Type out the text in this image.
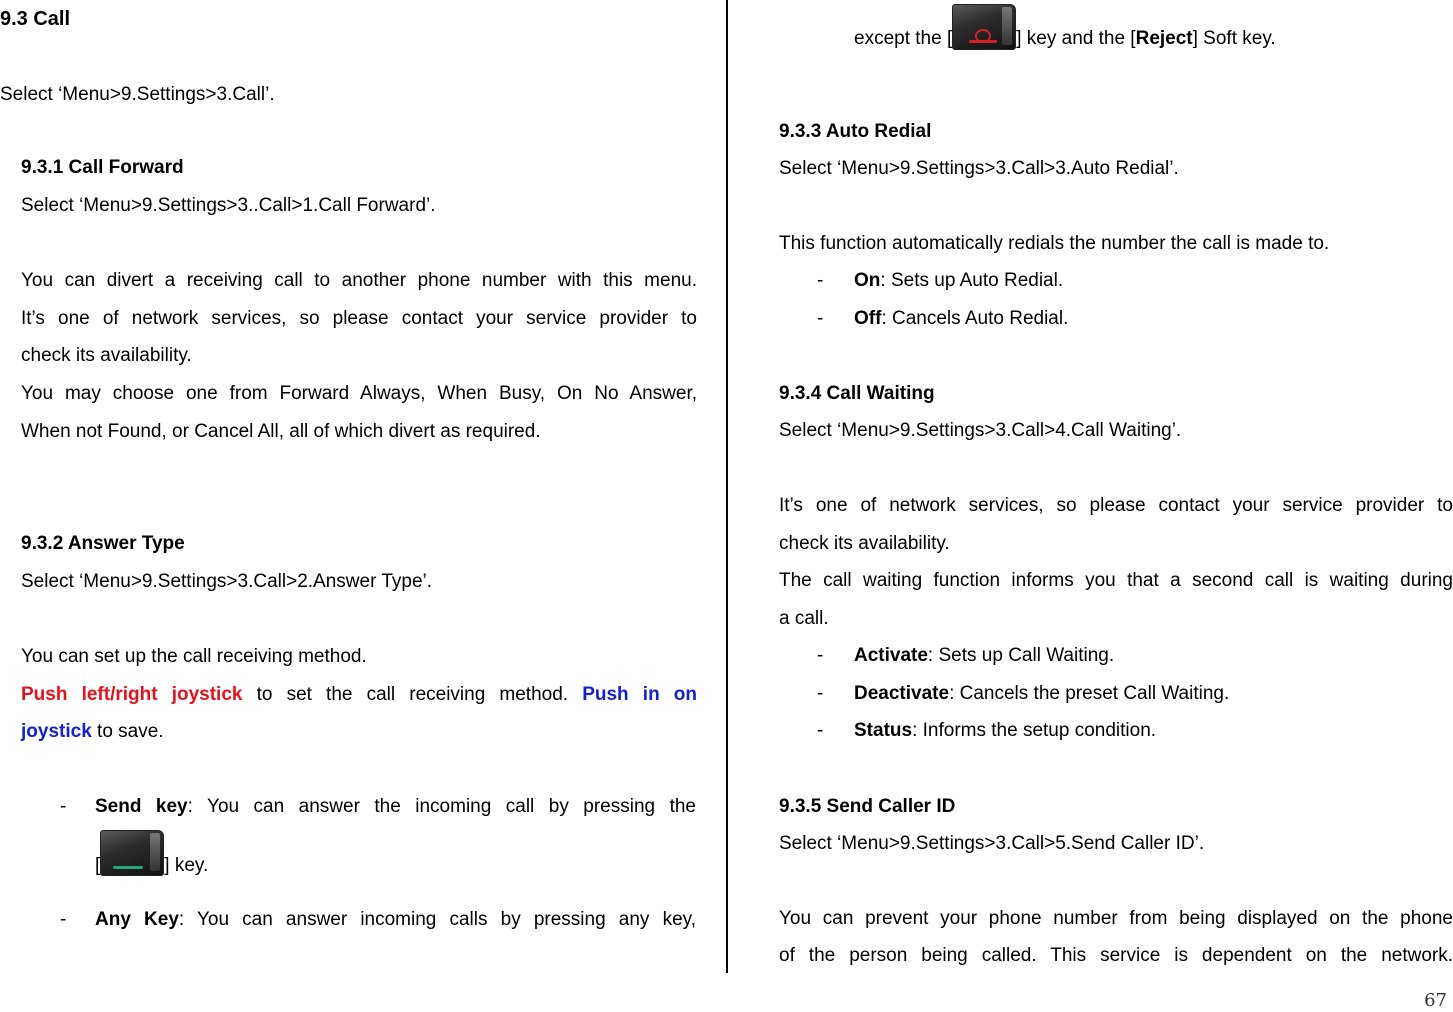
9.3 Call
Select ‘Menu>9.Settings>3.Call’.
9.3.1 Call Forward
Select ‘Menu>9.Settings>3..Call>1.Call Forward’.
You can divert a receiving call to another phone number with this menu.
It’s one of network services, so please contact your service provider to
check its availability.
You may choose one from Forward Always, When Busy, On No Answer,
When not Found, or Cancel All, all of which divert as required.
9.3.2 Answer Type
Select ‘Menu>9.Settings>3.Call>2.Answer Type’.
You can set up the call receiving method.
Push left/right joystick to set the call receiving method. Push in on
joystick to save.
- Send key: You can answer the incoming call by pressing the
[	] key.
- Any Key: You can answer incoming calls by pressing any key,
except the [	] key and the [Reject] Soft key.
9.3.3 Auto Redial
Select ‘Menu>9.Settings>3.Call>3.Auto Redial’.
This function automatically redials the number the call is made to.
- On: Sets up Auto Redial.
- Off: Cancels Auto Redial.
9.3.4 Call Waiting
Select ‘Menu>9.Settings>3.Call>4.Call Waiting’.
It’s one of network services, so please contact your service provider to
check its availability.
The call waiting function informs you that a second call is waiting during
a call.
- Activate: Sets up Call Waiting.
- Deactivate: Cancels the preset Call Waiting.
- Status: Informs the setup condition.
9.3.5 Send Caller ID
Select ‘Menu>9.Settings>3.Call>5.Send Caller ID’.
You can prevent your phone number from being displayed on the phone
of the person being called. This service is dependent on the network.
67
